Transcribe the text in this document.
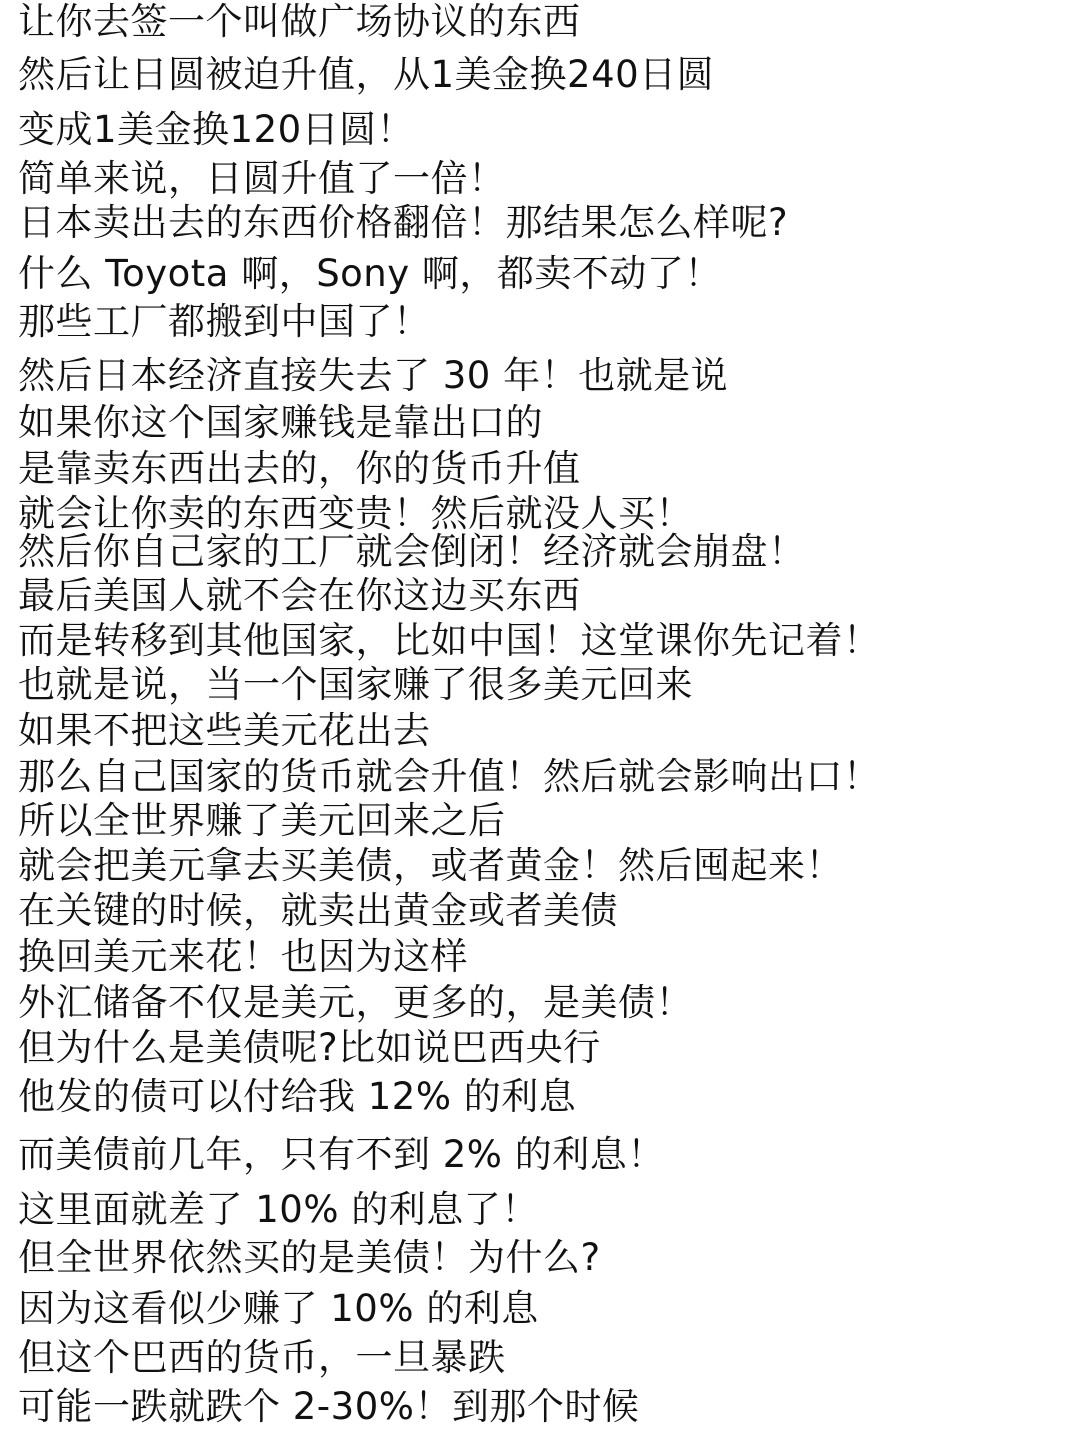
让你去签一个叫做广场协议的东西
然后让日圆被迫升值，从1美金换240日圆
变成1美金换120日圆！
简单来说，日圆升值了一倍！
日本卖出去的东西价格翻倍！那结果怎么样呢?
什么 Toyota 啊，Sony 啊，都卖不动了！
那些工厂都搬到中国了！
然后日本经济直接失去了 30 年！也就是说
如果你这个国家赚钱是靠出口的
是靠卖东西出去的，你的货币升值
就会让你卖的东西变贵！然后就没人买！
然后你自己家的工厂就会倒闭！经济就会崩盘！
最后美国人就不会在你这边买东西
而是转移到其他国家，比如中国！这堂课你先记着！
也就是说，当一个国家赚了很多美元回来
如果不把这些美元花出去
那么自己国家的货币就会升值！然后就会影响出口！
所以全世界赚了美元回来之后
就会把美元拿去买美债，或者黄金！然后囤起来！
在关键的时候，就卖出黄金或者美债
换回美元来花！也因为这样
外汇储备不仅是美元，更多的，是美债！
但为什么是美债呢?比如说巴西央行
他发的债可以付给我 12% 的利息
而美债前几年，只有不到 2% 的利息！
这里面就差了 10% 的利息了！
但全世界依然买的是美债！为什么?
因为这看似少赚了 10% 的利息
但这个巴西的货币，一旦暴跌
可能一跌就跌个 2-30%！到那个时候
